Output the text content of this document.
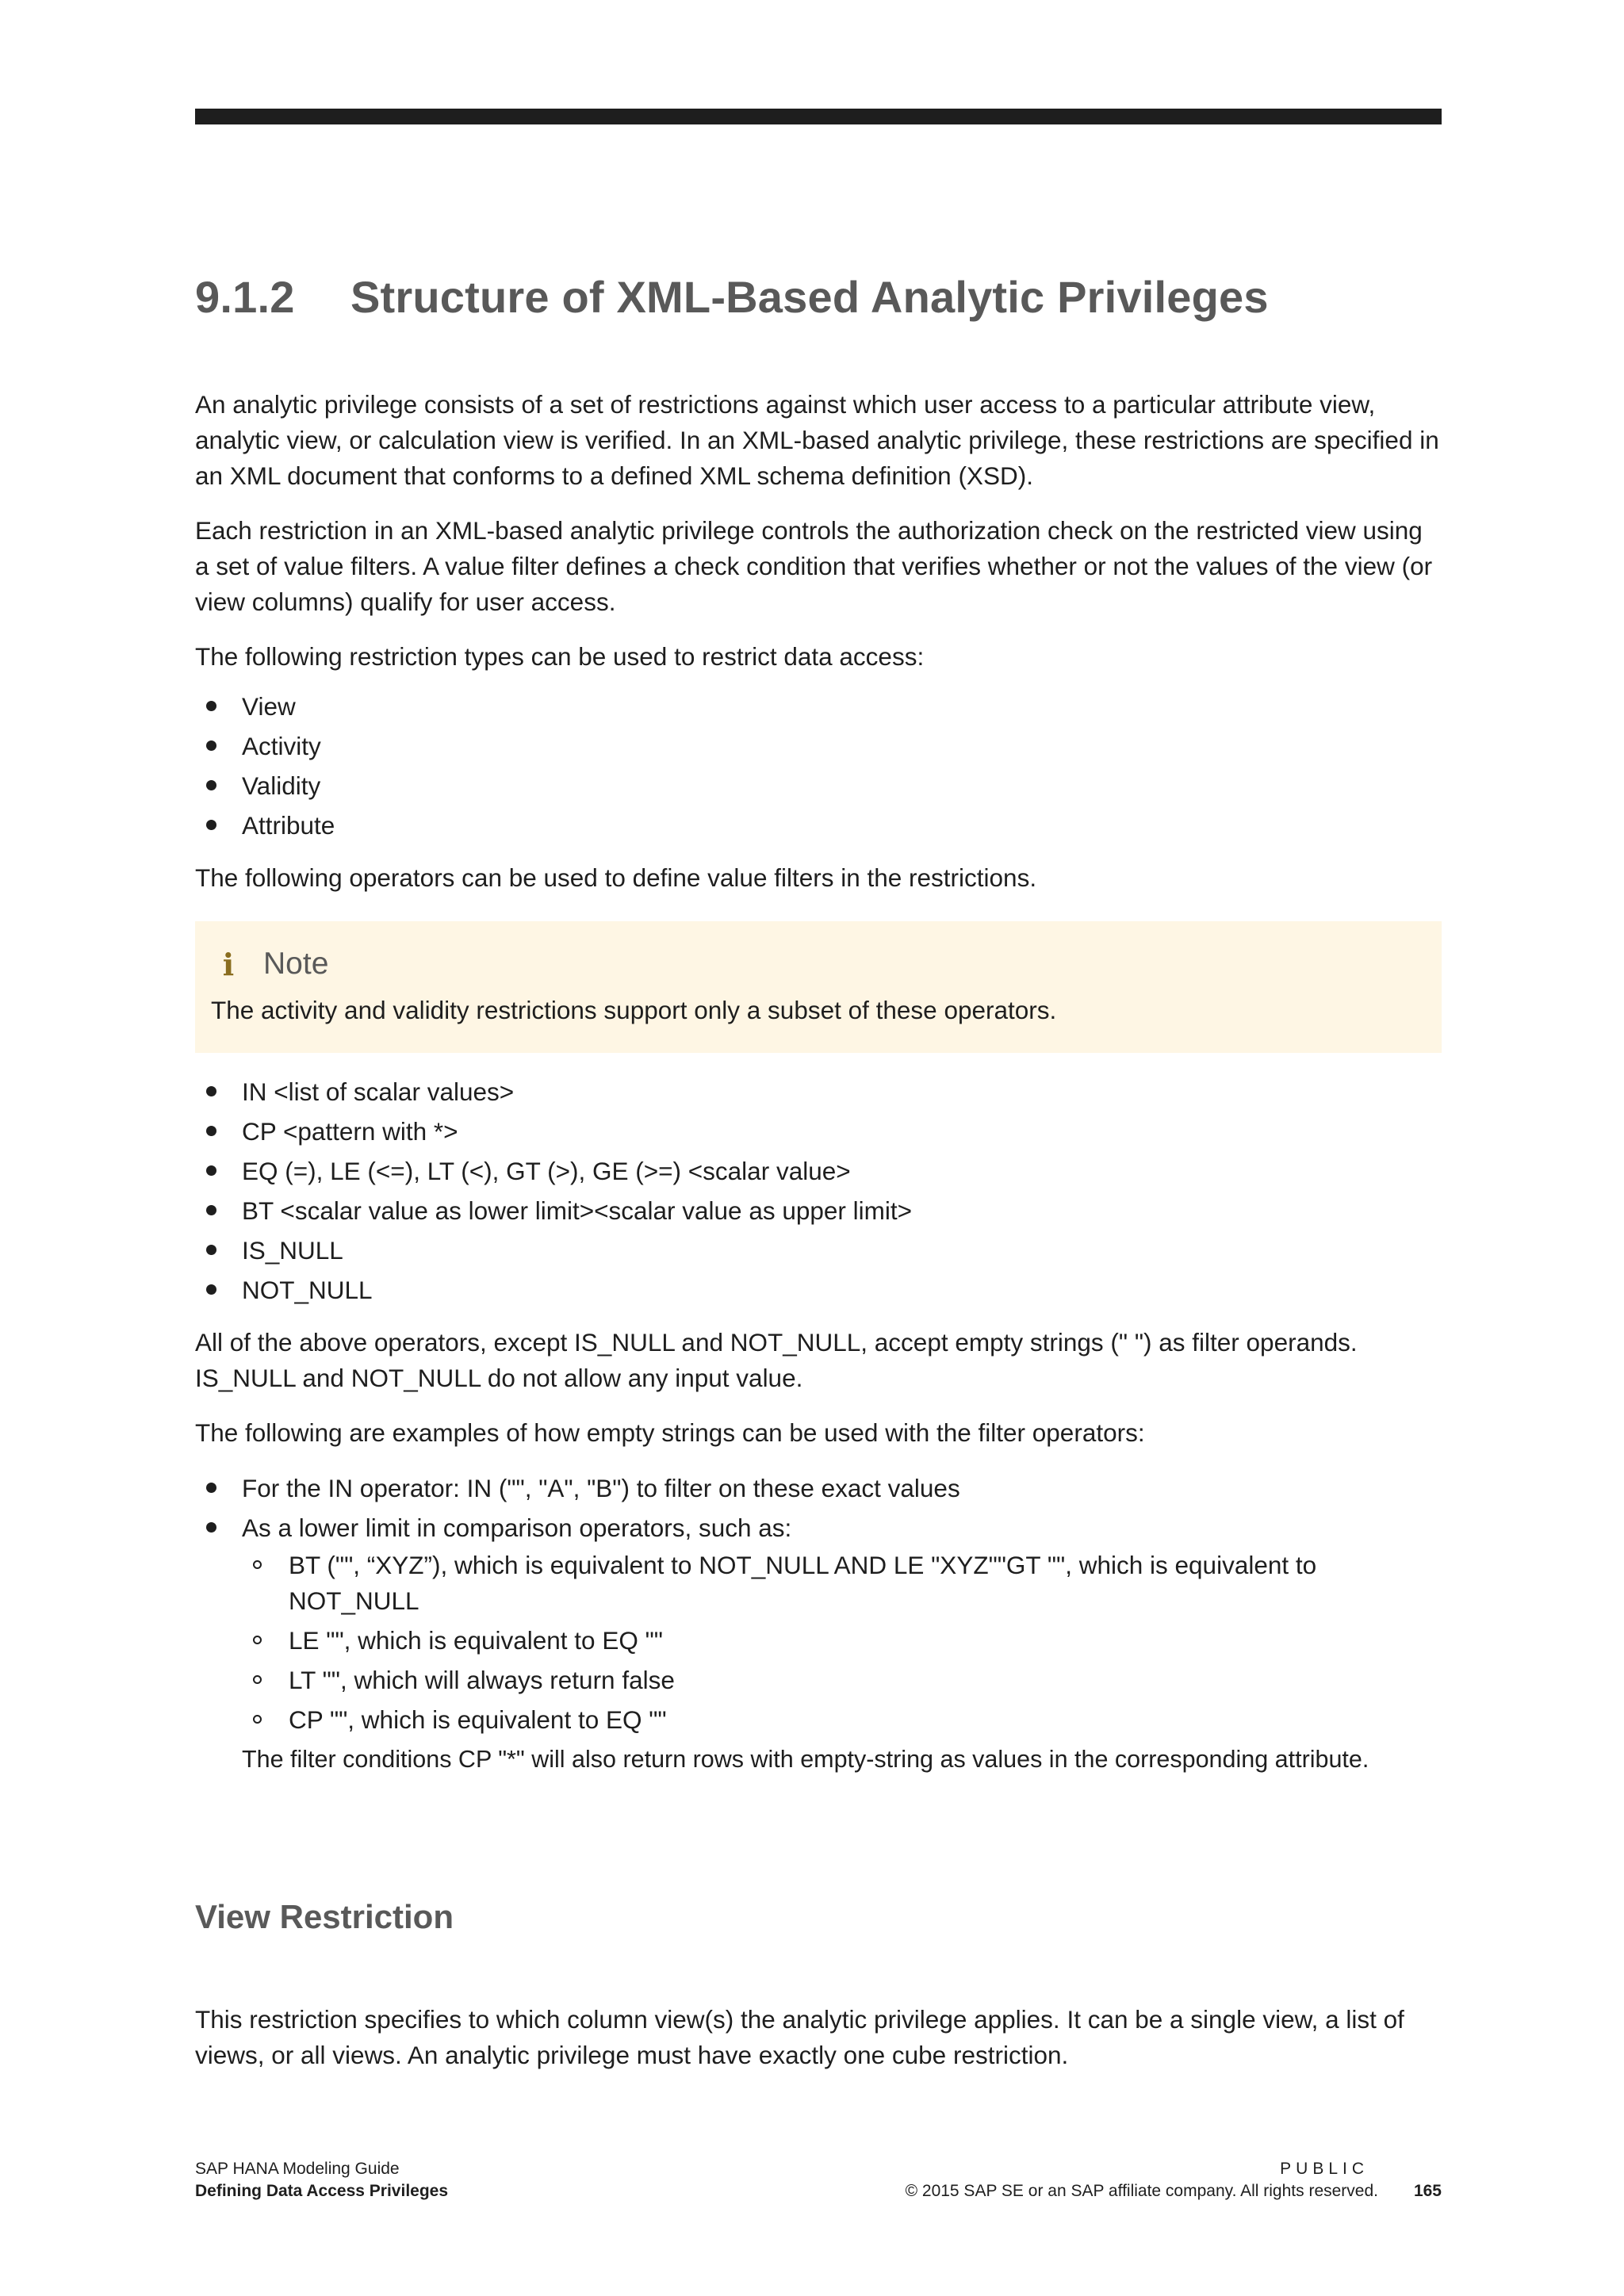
9.1.2 Structure of XML-Based Analytic Privileges

An analytic privilege consists of a set of restrictions against which user access to a particular attribute view, analytic view, or calculation view is verified. In an XML-based analytic privilege, these restrictions are specified in an XML document that conforms to a defined XML schema definition (XSD).

Each restriction in an XML-based analytic privilege controls the authorization check on the restricted view using a set of value filters. A value filter defines a check condition that verifies whether or not the values of the view (or view columns) qualify for user access.

The following restriction types can be used to restrict data access:

View
Activity
Validity
Attribute

The following operators can be used to define value filters in the restrictions.

i Note
The activity and validity restrictions support only a subset of these operators.
IN <list of scalar values>
CP <pattern with *>
EQ (=), LE (<=), LT (<), GT (>), GE (>=) <scalar value>
BT <scalar value as lower limit><scalar value as upper limit>
IS_NULL
NOT_NULL

All of the above operators, except IS_NULL and NOT_NULL, accept empty strings (" ") as filter operands. IS_NULL and NOT_NULL do not allow any input value.

The following are examples of how empty strings can be used with the filter operators:

For the IN operator: IN ("", "A", "B") to filter on these exact values
As a lower limit in comparison operators, such as:
BT ("", “XYZ”), which is equivalent to NOT_NULL AND LE "XYZ""GT "", which is equivalent to NOT_NULL
LE "", which is equivalent to EQ ""
LT "", which will always return false
CP "", which is equivalent to EQ ""
The filter conditions CP "*" will also return rows with empty-string as values in the corresponding attribute.
View Restriction

This restriction specifies to which column view(s) the analytic privilege applies. It can be a single view, a list of views, or all views. An analytic privilege must have exactly one cube restriction.

SAP HANA Modeling Guide
Defining Data Access Privileges
PUBLIC
© 2015 SAP SE or an SAP affiliate company. All rights reserved. 165
